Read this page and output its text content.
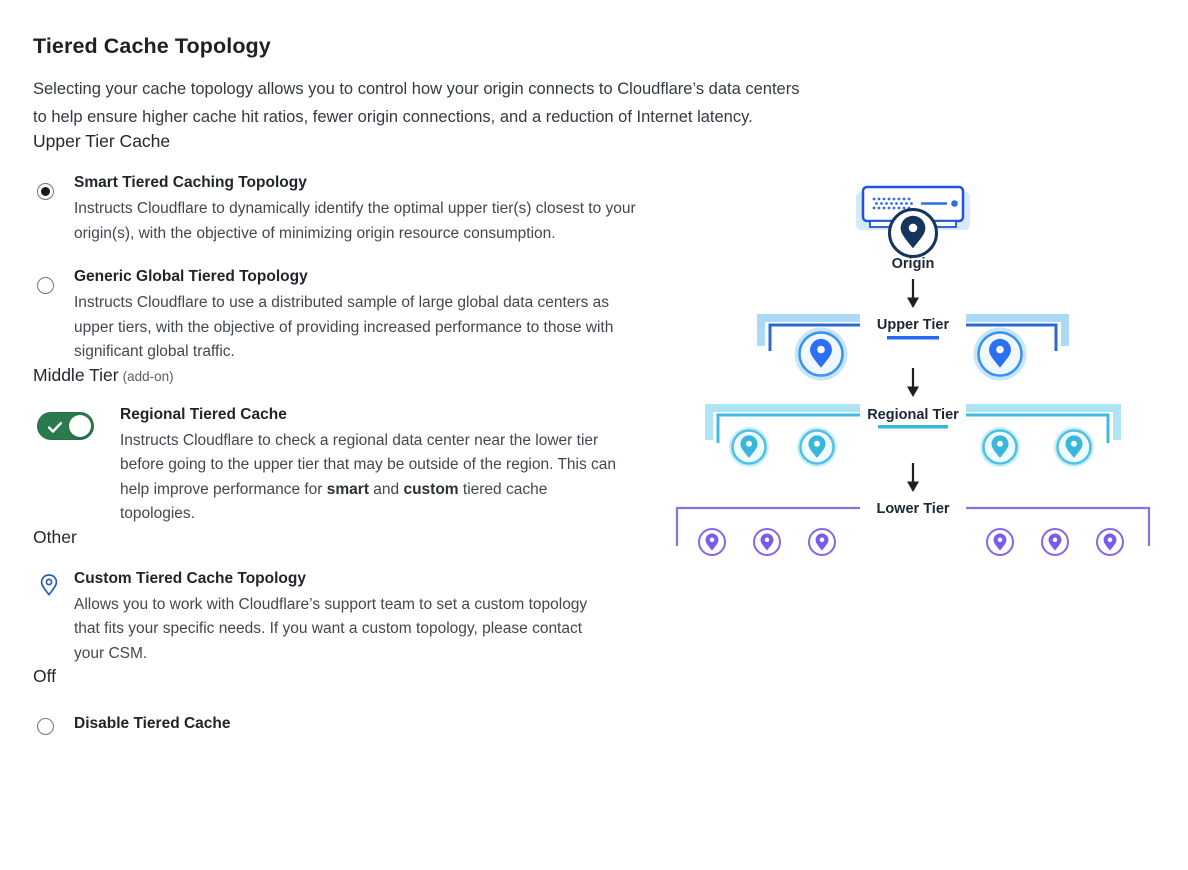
Tiered Cache Topology

Selecting your cache topology allows you to control how your origin connects to Cloudflare’s data centers
to help ensure higher cache hit ratios, fewer origin connections, and a reduction of Internet latency.

Upper Tier Cache
Smart Tiered Caching Topology
Instructs Cloudflare to dynamically identify the optimal upper tier(s) closest to your origin(s), with the objective of minimizing origin resource consumption.
Generic Global Tiered Topology
Instructs Cloudflare to use a distributed sample of large global data centers as upper tiers, with the objective of providing increased performance to those with significant global traffic.
Middle Tier (add-on)
Regional Tiered Cache
Instructs Cloudflare to check a regional data center near the lower tier before going to the upper tier that may be outside of the region. This can help improve performance for smart and custom tiered cache topologies.
Other
Custom Tiered Cache Topology
Allows you to work with Cloudflare’s support team to set a custom topology that fits your specific needs. If you want a custom topology, please contact your CSM.
Off
Disable Tiered Cache
Origin
Upper Tier
Regional Tier
Lower Tier
